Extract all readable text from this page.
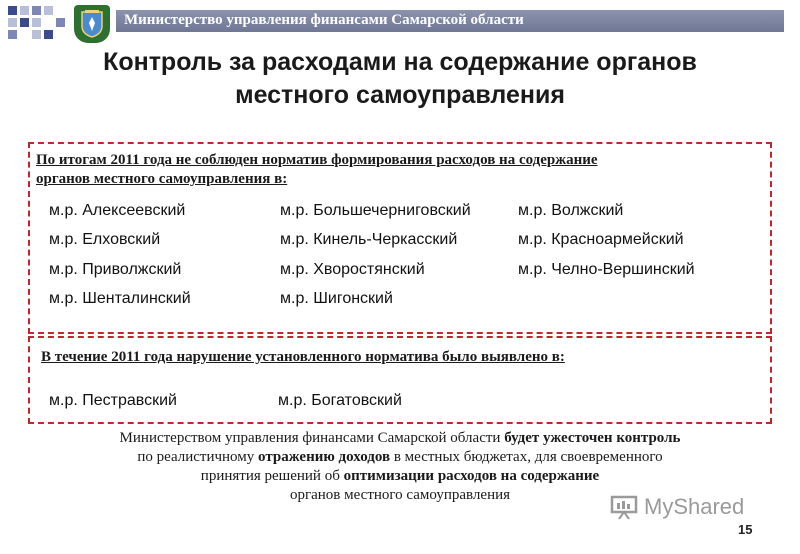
Министерство управления финансами Самарской области
Контроль за расходами на содержание органов
местного самоуправления
По итогам 2011 года не соблюден норматив формирования расходов на содержание
органов местного самоуправления в:
м.р. Алексеевский
м.р. Елховский
м.р. Приволжский
м.р. Шенталинский
м.р. Большечерниговский
м.р. Кинель-Черкасский
м.р. Хворостянский
м.р. Шигонский
м.р. Волжский
м.р. Красноармейский
м.р. Челно-Вершинский
В течение 2011 года нарушение установленного норматива было выявлено в:
м.р. Пестравский	м.р. Богатовский
Министерством управления финансами Самарской области будет ужесточен контроль
по реалистичному отражению доходов в местных бюджетах, для своевременного
принятия решений об оптимизации расходов на содержание
органов местного самоуправления	MyShared
15
